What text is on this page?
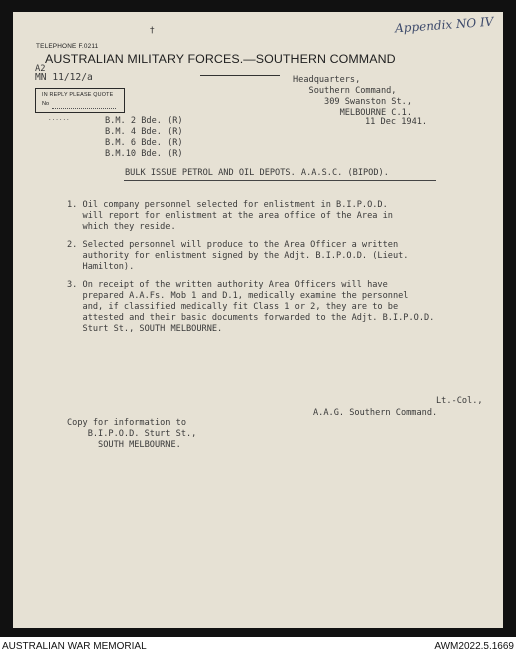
†	Appendix NO IV
TELEPHONE F.0211
AUSTRALIAN MILITARY FORCES.—SOUTHERN COMMAND
A2
MN 11/12/a
IN REPLY PLEASE QUOTE
No
......
Headquarters,
Southern Command,
309 Swanston St.,
MELBOURNE C.1.
11 Dec 1941.
B.M. 2 Bde. (R)
B.M. 4 Bde. (R)
B.M. 6 Bde. (R)
B.M.10 Bde. (R)
BULK ISSUE PETROL AND OIL DEPOTS. A.A.S.C. (BIPOD).
1. Oil company personnel selected for enlistment in B.I.P.O.D.
will report for enlistment at the area office of the Area in
which they reside.
2. Selected personnel will produce to the Area Officer a written
authority for enlistment signed by the Adjt. B.I.P.O.D. (Lieut.
Hamilton).
3. On receipt of the written authority Area Officers will have
prepared A.A.Fs. Mob 1 and D.1, medically examine the personnel
and, if classified medically fit Class 1 or 2, they are to be
attested and their basic documents forwarded to the Adjt. B.I.P.O.D.
Sturt St., SOUTH MELBOURNE.
Lt.-Col.,
A.A.G. Southern Command.
Copy for information to
B.I.P.O.D. Sturt St.,
SOUTH MELBOURNE.
AUSTRALIAN WAR MEMORIAL	AWM2022.5.1669
